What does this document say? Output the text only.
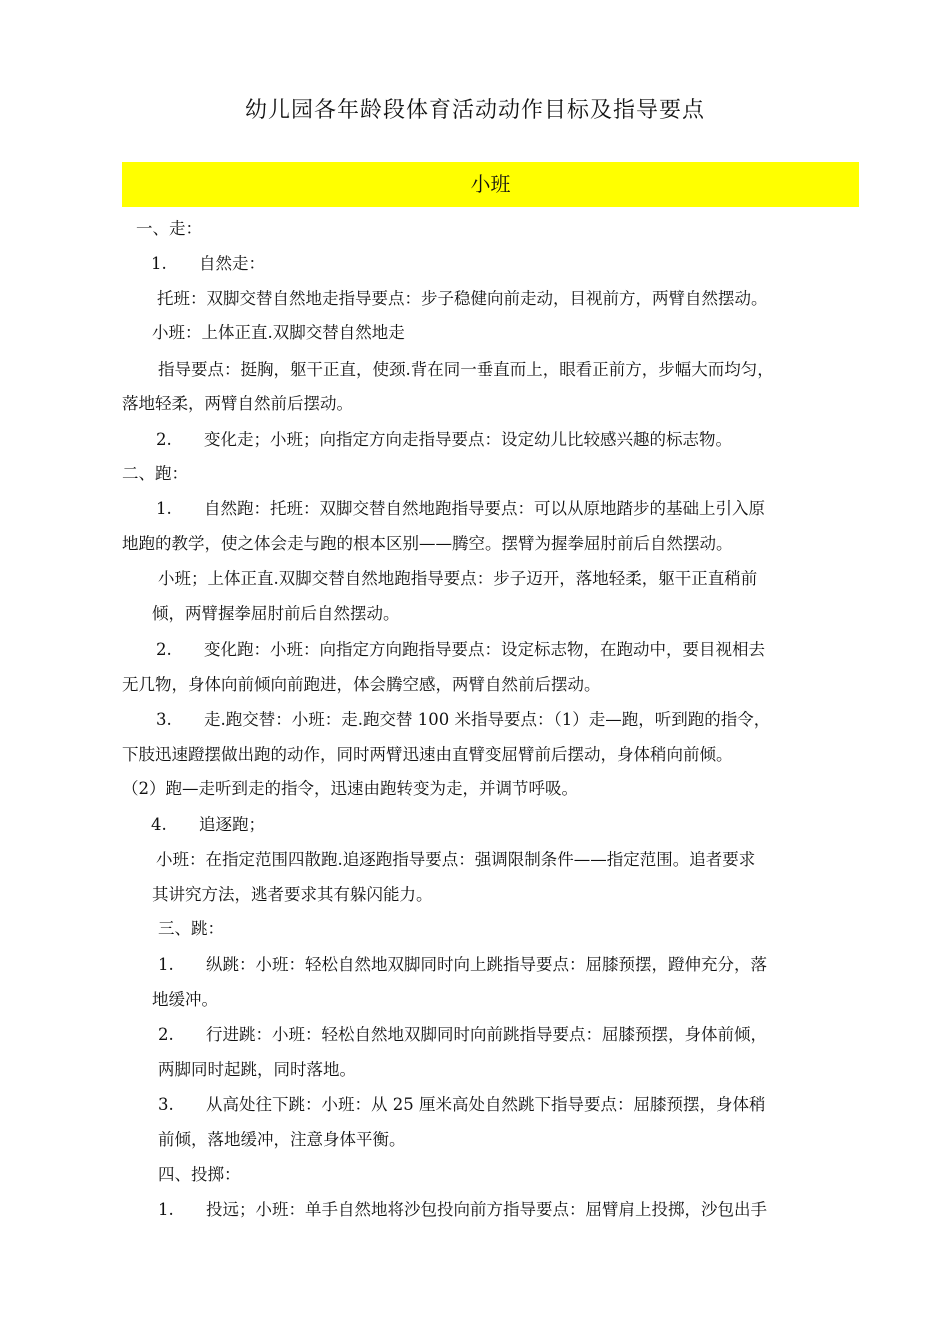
幼儿园各年龄段体育活动动作目标及指导要点
小班
一、走：
1. 自然走：
托班：双脚交替自然地走指导要点：步子稳健向前走动，目视前方，两臂自然摆动。
小班：上体正直.双脚交替自然地走
指导要点：挺胸，躯干正直，使颈.背在同一垂直而上，眼看正前方，步幅大而均匀，
落地轻柔，两臂自然前后摆动。
2. 变化走；小班；向指定方向走指导要点：设定幼儿比较感兴趣的标志物。
二、跑：
1. 自然跑：托班：双脚交替自然地跑指导要点：可以从原地踏步的基础上引入原
地跑的教学，使之体会走与跑的根本区别——腾空。摆臂为握拳屈肘前后自然摆动。
小班；上体正直.双脚交替自然地跑指导要点：步子迈开，落地轻柔，躯干正直稍前
倾，两臂握拳屈肘前后自然摆动。
2. 变化跑：小班：向指定方向跑指导要点：设定标志物，在跑动中，要目视相去
无几物，身体向前倾向前跑进，体会腾空感，两臂自然前后摆动。
3. 走.跑交替：小班：走.跑交替 100 米指导要点：（1）走—跑，听到跑的指令，
下肢迅速蹬摆做出跑的动作，同时两臂迅速由直臂变屈臂前后摆动，身体稍向前倾。
（2）跑—走听到走的指令，迅速由跑转变为走，并调节呼吸。
4. 追逐跑；
小班：在指定范围四散跑.追逐跑指导要点：强调限制条件——指定范围。追者要求
其讲究方法，逃者要求其有躲闪能力。
三、跳：
1. 纵跳：小班：轻松自然地双脚同时向上跳指导要点：屈膝预摆，蹬伸充分，落
地缓冲。
2. 行进跳：小班：轻松自然地双脚同时向前跳指导要点：屈膝预摆，身体前倾，
两脚同时起跳，同时落地。
3. 从高处往下跳：小班：从 25 厘米高处自然跳下指导要点：屈膝预摆，身体稍
前倾，落地缓冲，注意身体平衡。
四、投掷：
1. 投远；小班：单手自然地将沙包投向前方指导要点：屈臂肩上投掷，沙包出手
